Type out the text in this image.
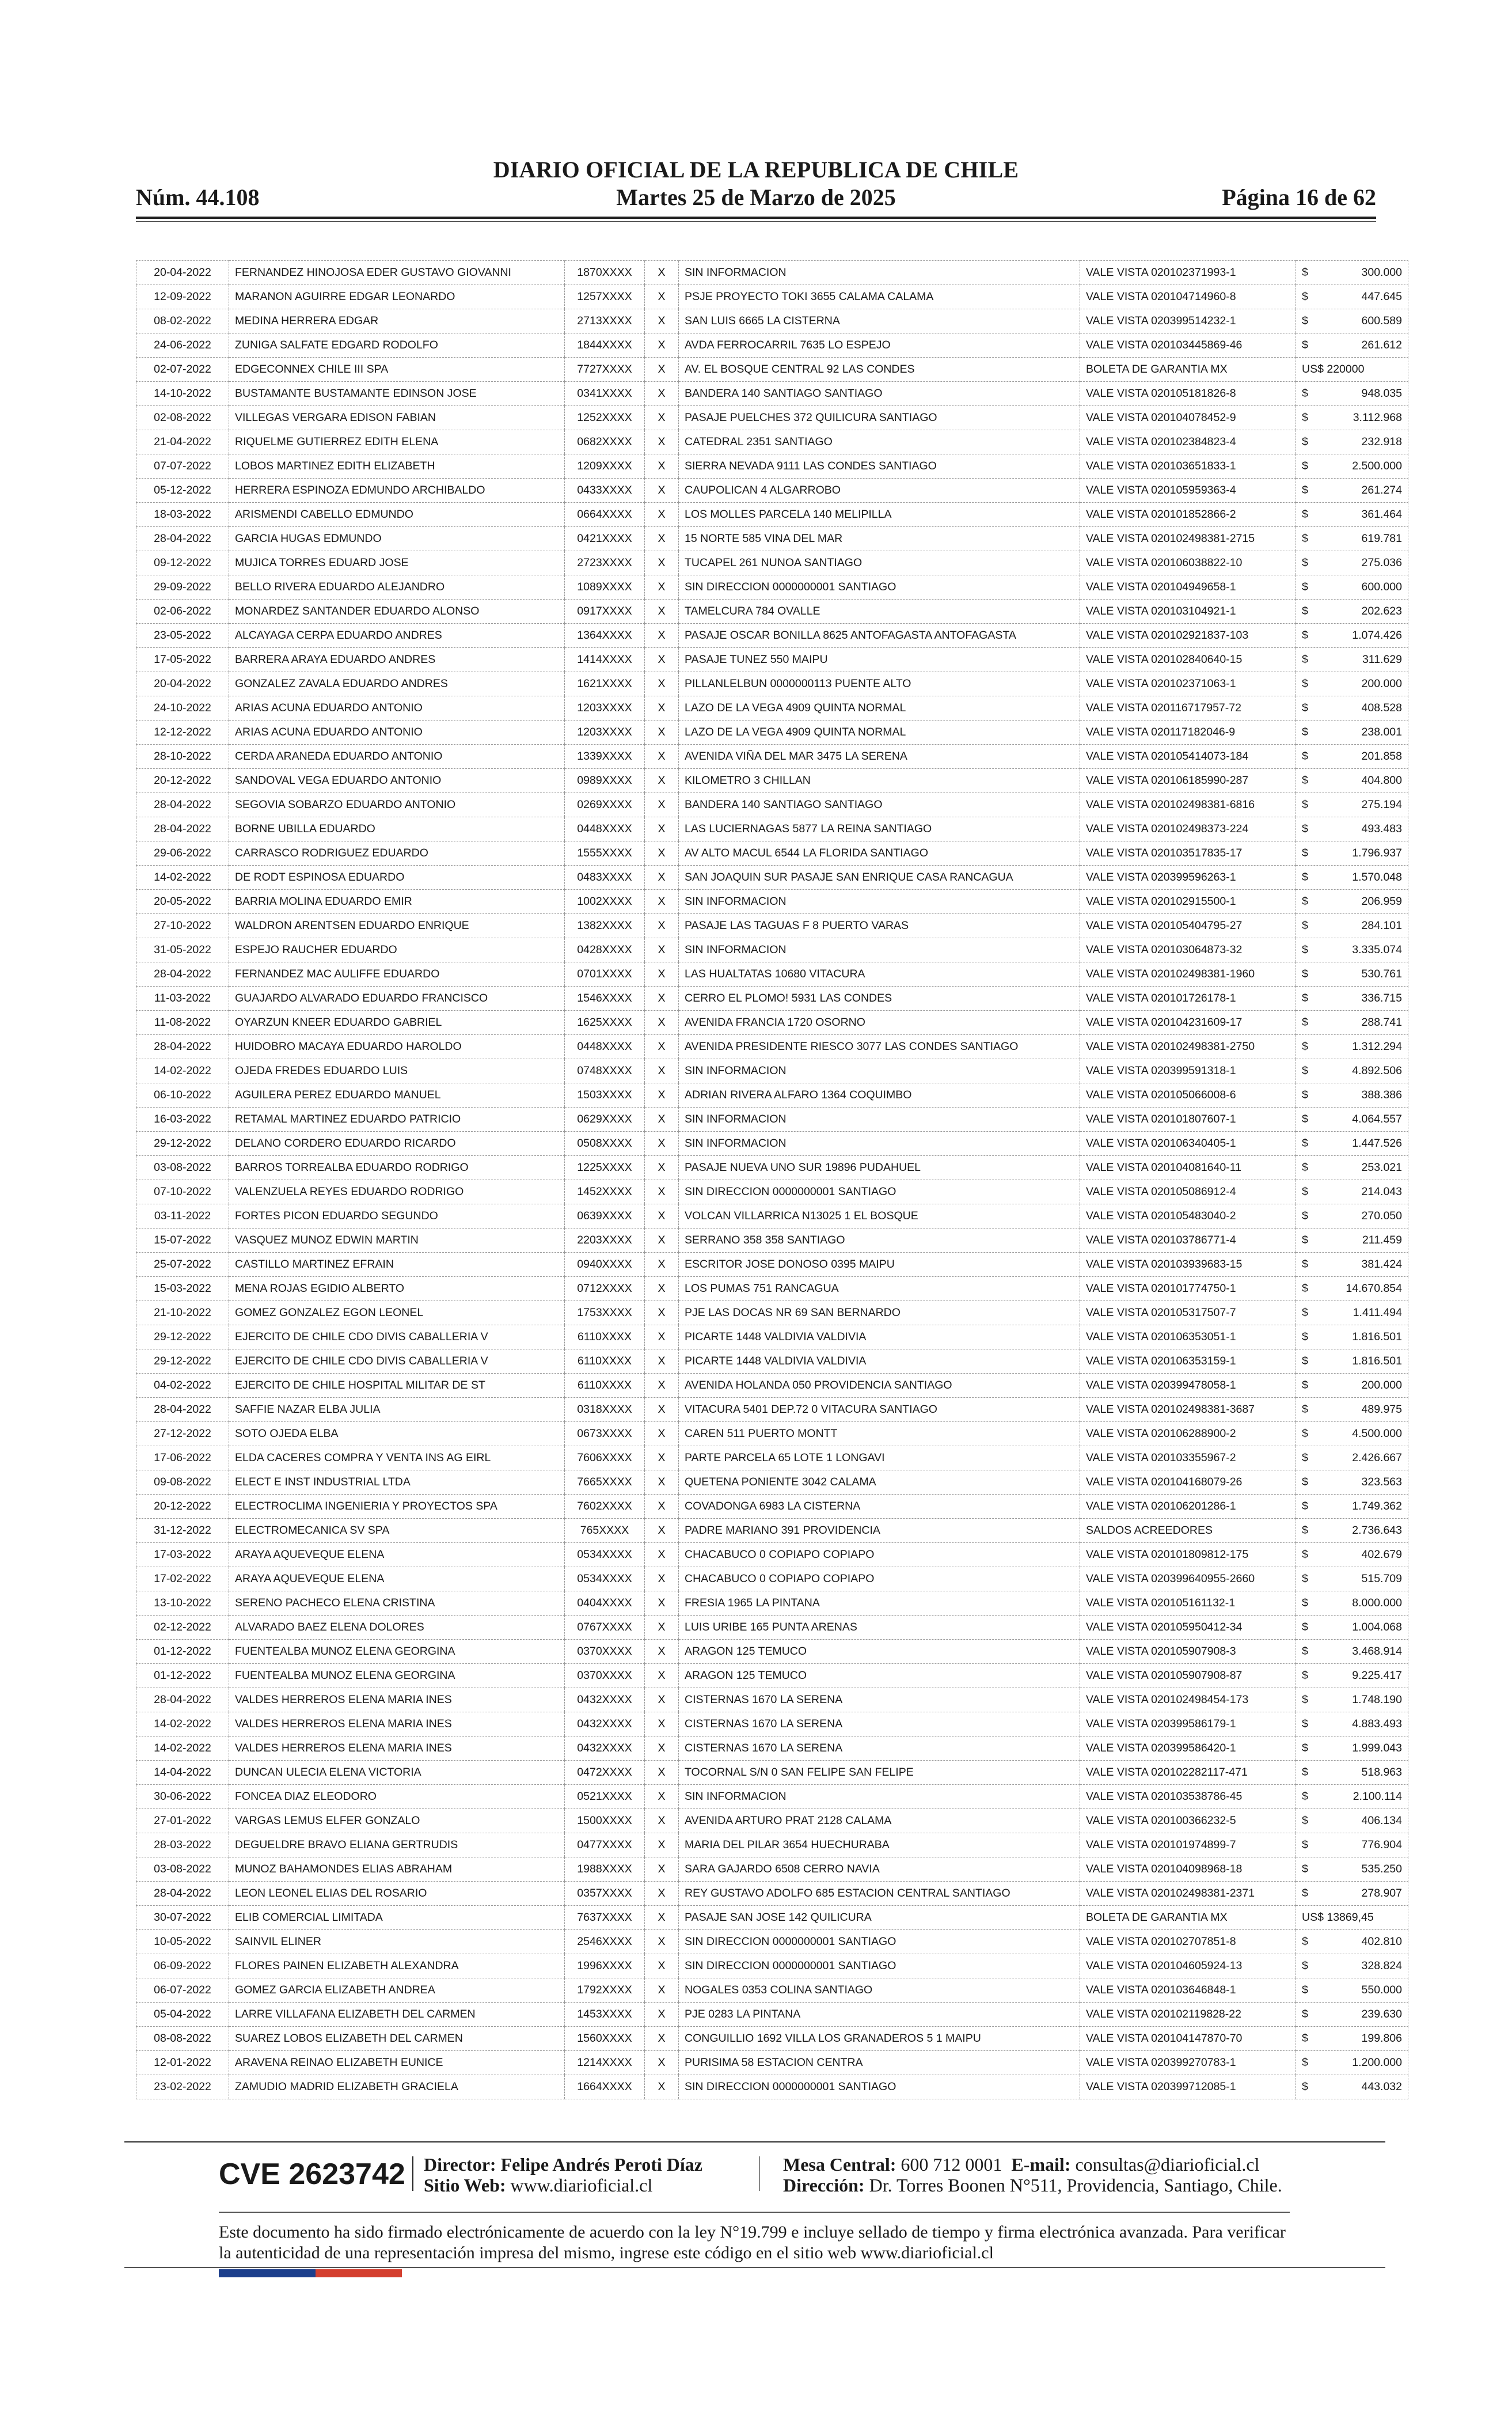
DIARIO OFICIAL DE LA REPUBLICA DE CHILE
Núm. 44.108	Martes 25 de Marzo de 2025	Página 16 de 62
20-04-2022	FERNANDEZ HINOJOSA EDER GUSTAVO GIOVANNI	1870XXXX	X	SIN INFORMACION	VALE VISTA 020102371993-1	$ 300.000
12-09-2022	MARANON AGUIRRE EDGAR LEONARDO	1257XXXX	X	PSJE PROYECTO TOKI 3655 CALAMA CALAMA	VALE VISTA 020104714960-8	$ 447.645
08-02-2022	MEDINA HERRERA EDGAR	2713XXXX	X	SAN LUIS 6665 LA CISTERNA	VALE VISTA 020399514232-1	$ 600.589
24-06-2022	ZUNIGA SALFATE EDGARD RODOLFO	1844XXXX	X	AVDA FERROCARRIL 7635 LO ESPEJO	VALE VISTA 020103445869-46	$ 261.612
02-07-2022	EDGECONNEX CHILE III SPA	7727XXXX	X	AV. EL BOSQUE CENTRAL 92 LAS CONDES	BOLETA DE GARANTIA MX	US$ 220000
14-10-2022	BUSTAMANTE BUSTAMANTE EDINSON JOSE	0341XXXX	X	BANDERA 140 SANTIAGO SANTIAGO	VALE VISTA 020105181826-8	$ 948.035
02-08-2022	VILLEGAS VERGARA EDISON FABIAN	1252XXXX	X	PASAJE PUELCHES 372 QUILICURA SANTIAGO	VALE VISTA 020104078452-9	$ 3.112.968
21-04-2022	RIQUELME GUTIERREZ EDITH ELENA	0682XXXX	X	CATEDRAL 2351 SANTIAGO	VALE VISTA 020102384823-4	$ 232.918
07-07-2022	LOBOS MARTINEZ EDITH ELIZABETH	1209XXXX	X	SIERRA NEVADA 9111 LAS CONDES SANTIAGO	VALE VISTA 020103651833-1	$ 2.500.000
05-12-2022	HERRERA ESPINOZA EDMUNDO ARCHIBALDO	0433XXXX	X	CAUPOLICAN 4 ALGARROBO	VALE VISTA 020105959363-4	$ 261.274
18-03-2022	ARISMENDI CABELLO EDMUNDO	0664XXXX	X	LOS MOLLES PARCELA 140 MELIPILLA	VALE VISTA 020101852866-2	$ 361.464
28-04-2022	GARCIA HUGAS EDMUNDO	0421XXXX	X	15 NORTE 585 VINA DEL MAR	VALE VISTA 020102498381-2715	$ 619.781
09-12-2022	MUJICA TORRES EDUARD JOSE	2723XXXX	X	TUCAPEL 261 NUNOA SANTIAGO	VALE VISTA 020106038822-10	$ 275.036
29-09-2022	BELLO RIVERA EDUARDO ALEJANDRO	1089XXXX	X	SIN DIRECCION 0000000001 SANTIAGO	VALE VISTA 020104949658-1	$ 600.000
02-06-2022	MONARDEZ SANTANDER EDUARDO ALONSO	0917XXXX	X	TAMELCURA 784 OVALLE	VALE VISTA 020103104921-1	$ 202.623
23-05-2022	ALCAYAGA CERPA EDUARDO ANDRES	1364XXXX	X	PASAJE OSCAR BONILLA 8625 ANTOFAGASTA ANTOFAGASTA	VALE VISTA 020102921837-103	$ 1.074.426
17-05-2022	BARRERA ARAYA EDUARDO ANDRES	1414XXXX	X	PASAJE TUNEZ 550 MAIPU	VALE VISTA 020102840640-15	$ 311.629
20-04-2022	GONZALEZ ZAVALA EDUARDO ANDRES	1621XXXX	X	PILLANLELBUN 0000000113 PUENTE ALTO	VALE VISTA 020102371063-1	$ 200.000
24-10-2022	ARIAS ACUNA EDUARDO ANTONIO	1203XXXX	X	LAZO DE LA VEGA 4909 QUINTA NORMAL	VALE VISTA 020116717957-72	$ 408.528
12-12-2022	ARIAS ACUNA EDUARDO ANTONIO	1203XXXX	X	LAZO DE LA VEGA 4909 QUINTA NORMAL	VALE VISTA 020117182046-9	$ 238.001
28-10-2022	CERDA ARANEDA EDUARDO ANTONIO	1339XXXX	X	AVENIDA VIÑA DEL MAR 3475 LA SERENA	VALE VISTA 020105414073-184	$ 201.858
20-12-2022	SANDOVAL VEGA EDUARDO ANTONIO	0989XXXX	X	KILOMETRO 3 CHILLAN	VALE VISTA 020106185990-287	$ 404.800
28-04-2022	SEGOVIA SOBARZO EDUARDO ANTONIO	0269XXXX	X	BANDERA 140 SANTIAGO SANTIAGO	VALE VISTA 020102498381-6816	$ 275.194
28-04-2022	BORNE UBILLA EDUARDO	0448XXXX	X	LAS LUCIERNAGAS 5877 LA REINA SANTIAGO	VALE VISTA 020102498373-224	$ 493.483
29-06-2022	CARRASCO RODRIGUEZ EDUARDO	1555XXXX	X	AV ALTO MACUL 6544 LA FLORIDA SANTIAGO	VALE VISTA 020103517835-17	$ 1.796.937
14-02-2022	DE RODT ESPINOSA EDUARDO	0483XXXX	X	SAN JOAQUIN SUR PASAJE SAN ENRIQUE CASA RANCAGUA	VALE VISTA 020399596263-1	$ 1.570.048
20-05-2022	BARRIA MOLINA EDUARDO EMIR	1002XXXX	X	SIN INFORMACION	VALE VISTA 020102915500-1	$ 206.959
27-10-2022	WALDRON ARENTSEN EDUARDO ENRIQUE	1382XXXX	X	PASAJE LAS TAGUAS F 8 PUERTO VARAS	VALE VISTA 020105404795-27	$ 284.101
31-05-2022	ESPEJO RAUCHER EDUARDO	0428XXXX	X	SIN INFORMACION	VALE VISTA 020103064873-32	$ 3.335.074
28-04-2022	FERNANDEZ MAC AULIFFE EDUARDO	0701XXXX	X	LAS HUALTATAS 10680 VITACURA	VALE VISTA 020102498381-1960	$ 530.761
11-03-2022	GUAJARDO ALVARADO EDUARDO FRANCISCO	1546XXXX	X	CERRO EL PLOMO! 5931 LAS CONDES	VALE VISTA 020101726178-1	$ 336.715
11-08-2022	OYARZUN KNEER EDUARDO GABRIEL	1625XXXX	X	AVENIDA FRANCIA 1720 OSORNO	VALE VISTA 020104231609-17	$ 288.741
28-04-2022	HUIDOBRO MACAYA EDUARDO HAROLDO	0448XXXX	X	AVENIDA PRESIDENTE RIESCO 3077 LAS CONDES SANTIAGO	VALE VISTA 020102498381-2750	$ 1.312.294
14-02-2022	OJEDA FREDES EDUARDO LUIS	0748XXXX	X	SIN INFORMACION	VALE VISTA 020399591318-1	$ 4.892.506
06-10-2022	AGUILERA PEREZ EDUARDO MANUEL	1503XXXX	X	ADRIAN RIVERA ALFARO 1364 COQUIMBO	VALE VISTA 020105066008-6	$ 388.386
16-03-2022	RETAMAL MARTINEZ EDUARDO PATRICIO	0629XXXX	X	SIN INFORMACION	VALE VISTA 020101807607-1	$ 4.064.557
29-12-2022	DELANO CORDERO EDUARDO RICARDO	0508XXXX	X	SIN INFORMACION	VALE VISTA 020106340405-1	$ 1.447.526
03-08-2022	BARROS TORREALBA EDUARDO RODRIGO	1225XXXX	X	PASAJE NUEVA UNO SUR 19896 PUDAHUEL	VALE VISTA 020104081640-11	$ 253.021
07-10-2022	VALENZUELA REYES EDUARDO RODRIGO	1452XXXX	X	SIN DIRECCION 0000000001 SANTIAGO	VALE VISTA 020105086912-4	$ 214.043
03-11-2022	FORTES PICON EDUARDO SEGUNDO	0639XXXX	X	VOLCAN VILLARRICA N13025 1 EL BOSQUE	VALE VISTA 020105483040-2	$ 270.050
15-07-2022	VASQUEZ MUNOZ EDWIN MARTIN	2203XXXX	X	SERRANO 358 358 SANTIAGO	VALE VISTA 020103786771-4	$ 211.459
25-07-2022	CASTILLO MARTINEZ EFRAIN	0940XXXX	X	ESCRITOR JOSE DONOSO 0395 MAIPU	VALE VISTA 020103939683-15	$ 381.424
15-03-2022	MENA ROJAS EGIDIO ALBERTO	0712XXXX	X	LOS PUMAS 751 RANCAGUA	VALE VISTA 020101774750-1	$ 14.670.854
21-10-2022	GOMEZ GONZALEZ EGON LEONEL	1753XXXX	X	PJE LAS DOCAS NR 69 SAN BERNARDO	VALE VISTA 020105317507-7	$ 1.411.494
29-12-2022	EJERCITO DE CHILE CDO DIVIS CABALLERIA V	6110XXXX	X	PICARTE 1448 VALDIVIA VALDIVIA	VALE VISTA 020106353051-1	$ 1.816.501
29-12-2022	EJERCITO DE CHILE CDO DIVIS CABALLERIA V	6110XXXX	X	PICARTE 1448 VALDIVIA VALDIVIA	VALE VISTA 020106353159-1	$ 1.816.501
04-02-2022	EJERCITO DE CHILE HOSPITAL MILITAR DE ST	6110XXXX	X	AVENIDA HOLANDA 050 PROVIDENCIA SANTIAGO	VALE VISTA 020399478058-1	$ 200.000
28-04-2022	SAFFIE NAZAR ELBA JULIA	0318XXXX	X	VITACURA 5401 DEP.72 0 VITACURA SANTIAGO	VALE VISTA 020102498381-3687	$ 489.975
27-12-2022	SOTO OJEDA ELBA	0673XXXX	X	CAREN 511 PUERTO MONTT	VALE VISTA 020106288900-2	$ 4.500.000
17-06-2022	ELDA CACERES COMPRA Y VENTA INS AG EIRL	7606XXXX	X	PARTE PARCELA 65 LOTE 1 LONGAVI	VALE VISTA 020103355967-2	$ 2.426.667
09-08-2022	ELECT E INST INDUSTRIAL LTDA	7665XXXX	X	QUETENA PONIENTE 3042 CALAMA	VALE VISTA 020104168079-26	$ 323.563
20-12-2022	ELECTROCLIMA INGENIERIA Y PROYECTOS SPA	7602XXXX	X	COVADONGA 6983 LA CISTERNA	VALE VISTA 020106201286-1	$ 1.749.362
31-12-2022	ELECTROMECANICA SV SPA	765XXXX	X	PADRE MARIANO 391 PROVIDENCIA	SALDOS ACREEDORES	$ 2.736.643
17-03-2022	ARAYA AQUEVEQUE ELENA	0534XXXX	X	CHACABUCO 0 COPIAPO COPIAPO	VALE VISTA 020101809812-175	$ 402.679
17-02-2022	ARAYA AQUEVEQUE ELENA	0534XXXX	X	CHACABUCO 0 COPIAPO COPIAPO	VALE VISTA 020399640955-2660	$ 515.709
13-10-2022	SERENO PACHECO ELENA CRISTINA	0404XXXX	X	FRESIA 1965 LA PINTANA	VALE VISTA 020105161132-1	$ 8.000.000
02-12-2022	ALVARADO BAEZ ELENA DOLORES	0767XXXX	X	LUIS URIBE 165 PUNTA ARENAS	VALE VISTA 020105950412-34	$ 1.004.068
01-12-2022	FUENTEALBA MUNOZ ELENA GEORGINA	0370XXXX	X	ARAGON 125 TEMUCO	VALE VISTA 020105907908-3	$ 3.468.914
01-12-2022	FUENTEALBA MUNOZ ELENA GEORGINA	0370XXXX	X	ARAGON 125 TEMUCO	VALE VISTA 020105907908-87	$ 9.225.417
28-04-2022	VALDES HERREROS ELENA MARIA INES	0432XXXX	X	CISTERNAS 1670 LA SERENA	VALE VISTA 020102498454-173	$ 1.748.190
14-02-2022	VALDES HERREROS ELENA MARIA INES	0432XXXX	X	CISTERNAS 1670 LA SERENA	VALE VISTA 020399586179-1	$ 4.883.493
14-02-2022	VALDES HERREROS ELENA MARIA INES	0432XXXX	X	CISTERNAS 1670 LA SERENA	VALE VISTA 020399586420-1	$ 1.999.043
14-04-2022	DUNCAN ULECIA ELENA VICTORIA	0472XXXX	X	TOCORNAL S/N 0 SAN FELIPE SAN FELIPE	VALE VISTA 020102282117-471	$ 518.963
30-06-2022	FONCEA DIAZ ELEODORO	0521XXXX	X	SIN INFORMACION	VALE VISTA 020103538786-45	$ 2.100.114
27-01-2022	VARGAS LEMUS ELFER GONZALO	1500XXXX	X	AVENIDA ARTURO PRAT 2128 CALAMA	VALE VISTA 020100366232-5	$ 406.134
28-03-2022	DEGUELDRE BRAVO ELIANA GERTRUDIS	0477XXXX	X	MARIA DEL PILAR 3654 HUECHURABA	VALE VISTA 020101974899-7	$ 776.904
03-08-2022	MUNOZ BAHAMONDES ELIAS ABRAHAM	1988XXXX	X	SARA GAJARDO 6508 CERRO NAVIA	VALE VISTA 020104098968-18	$ 535.250
28-04-2022	LEON LEONEL ELIAS DEL ROSARIO	0357XXXX	X	REY GUSTAVO ADOLFO 685 ESTACION CENTRAL SANTIAGO	VALE VISTA 020102498381-2371	$ 278.907
30-07-2022	ELIB COMERCIAL LIMITADA	7637XXXX	X	PASAJE SAN JOSE 142 QUILICURA	BOLETA DE GARANTIA MX	US$ 13869,45
10-05-2022	SAINVIL ELINER	2546XXXX	X	SIN DIRECCION 0000000001 SANTIAGO	VALE VISTA 020102707851-8	$ 402.810
06-09-2022	FLORES PAINEN ELIZABETH ALEXANDRA	1996XXXX	X	SIN DIRECCION 0000000001 SANTIAGO	VALE VISTA 020104605924-13	$ 328.824
06-07-2022	GOMEZ GARCIA ELIZABETH ANDREA	1792XXXX	X	NOGALES 0353 COLINA SANTIAGO	VALE VISTA 020103646848-1	$ 550.000
05-04-2022	LARRE VILLAFANA ELIZABETH DEL CARMEN	1453XXXX	X	PJE 0283 LA PINTANA	VALE VISTA 020102119828-22	$ 239.630
08-08-2022	SUAREZ LOBOS ELIZABETH DEL CARMEN	1560XXXX	X	CONGUILLIO 1692 VILLA LOS GRANADEROS 5 1 MAIPU	VALE VISTA 020104147870-70	$ 199.806
12-01-2022	ARAVENA REINAO ELIZABETH EUNICE	1214XXXX	X	PURISIMA 58 ESTACION CENTRA	VALE VISTA 020399270783-1	$ 1.200.000
23-02-2022	ZAMUDIO MADRID ELIZABETH GRACIELA	1664XXXX	X	SIN DIRECCION 0000000001 SANTIAGO	VALE VISTA 020399712085-1	$ 443.032
CVE 2623742 Director: Felipe Andrés Peroti Díaz
Sitio Web: www.diarioficial.cl
Mesa Central: 600 712 0001 E-mail: consultas@diarioficial.cl
Dirección: Dr. Torres Boonen N°511, Providencia, Santiago, Chile.
Este documento ha sido firmado electrónicamente de acuerdo con la ley N°19.799 e incluye sellado de tiempo y firma electrónica avanzada. Para verificar la autenticidad de una representación impresa del mismo, ingrese este código en el sitio web www.diarioficial.cl
